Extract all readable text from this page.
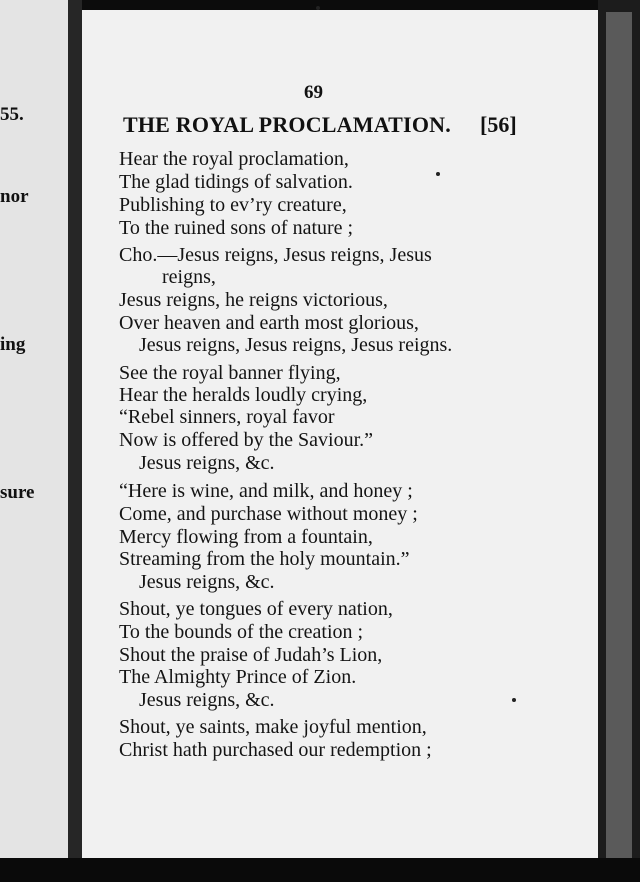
55.
nor
ing
sure
69
THE ROYAL PROCLAMATION. [56]
Hear the royal proclamation,
The glad tidings of salvation.
Publishing to ev’ry creature,
To the ruined sons of nature ;
Cho.—Jesus reigns, Jesus reigns, Jesus
reigns,
Jesus reigns, he reigns victorious,
Over heaven and earth most glorious,
Jesus reigns, Jesus reigns, Jesus reigns.
See the royal banner flying,
Hear the heralds loudly crying,
“Rebel sinners, royal favor
Now is offered by the Saviour.”
Jesus reigns, &c.
“Here is wine, and milk, and honey ;
Come, and purchase without money ;
Mercy flowing from a fountain,
Streaming from the holy mountain.”
Jesus reigns, &c.
Shout, ye tongues of every nation,
To the bounds of the creation ;
Shout the praise of Judah’s Lion,
The Almighty Prince of Zion.
Jesus reigns, &c.
Shout, ye saints, make joyful mention,
Christ hath purchased our redemption ;
